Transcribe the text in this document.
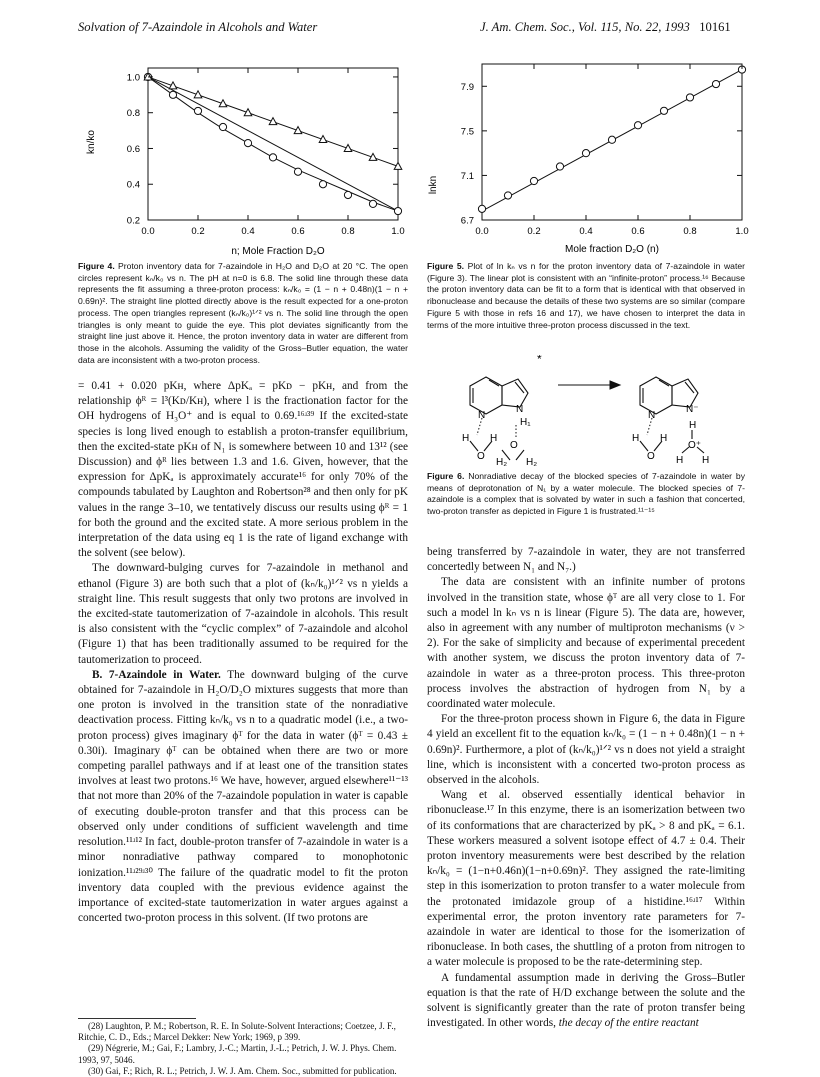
Solvation of 7-Azaindole in Alcohols and Water	J. Am. Chem. Soc., Vol. 115, No. 22, 1993 10161
0.0	0.2	0.4	0.6	0.8	1.0
0.2
0.4
0.6
0.8
1.0
kn/ko
n; Mole Fraction D₂O
Figure 4. Proton inventory data for 7-azaindole in H₂O and D₂O at 20 °C. The open circles represent kₙ/k₀ vs n. The pH at n=0 is 6.8. The solid line through these data represents the fit assuming a three-proton process: kₙ/k₀ = (1 − n + 0.48n)(1 − n + 0.69n)². The straight line plotted directly above is the result expected for a one-proton process. The open triangles represent (kₙ/k₀)¹ᐟ² vs n. The solid line through the open triangles is only meant to guide the eye. This plot deviates significantly from the straight line just above it. Hence, the proton inventory data in water are different from those in the alcohols. Assuming the validity of the Gross–Butler equation, the water data are inconsistent with a two-proton process.

= 0.41 + 0.020 pKʜ, where ΔpKₐ = pKᴅ − pKʜ, and from the relationship ϕᴿ = l³(Kᴅ/Kʜ), where l is the fractionation factor for the OH hydrogens of H₃O⁺ and is equal to 0.69.¹⁶ʴ³⁹ If the excited-state species is long lived enough to establish a proton-transfer equilibrium, then the excited-state pKʜ of N₁ is somewhere between 10 and 13¹² (see Discussion) and ϕᴿ lies between 1.3 and 1.6. Given, however, that the expression for ΔpKₐ is approximately accurate¹⁶ for only 70% of the compounds tabulated by Laughton and Robertson²⁸ and then only for pK values in the range 3–10, we tentatively discuss our results using ϕᴿ = 1 for both the ground and the excited state. A more serious problem in the interpretation of the data using eq 1 is the rate of ligand exchange with the solvent (see below).

The downward-bulging curves for 7-azaindole in methanol and ethanol (Figure 3) are both such that a plot of (kₙ/k₀)¹ᐟ² vs n yields a straight line. This result suggests that only two protons are involved in the excited-state tautomerization of 7-azaindole in alcohols. This result is also consistent with the “cyclic complex” of 7-azaindole and alcohol (Figure 1) that has been traditionally assumed to be required for the tautomerization to proceed.

B. 7-Azaindole in Water. The downward bulging of the curve obtained for 7-azaindole in H₂O/D₂O mixtures suggests that more than one proton is involved in the transition state of the nonradiative deactivation process. Fitting kₙ/k₀ vs n to a quadratic model (i.e., a two-proton process) gives imaginary ϕᵀ for the data in water (ϕᵀ = 0.43 ± 0.30i). Imaginary ϕᵀ can be obtained when there are two or more competing parallel pathways and if at least one of the transition states involves at least two protons.¹⁶ We have, however, argued elsewhere¹¹⁻¹³ that not more than 20% of the 7-azaindole population in water is capable of executing double-proton transfer and that this process can be observed only under conditions of sufficient wavelength and time resolution.¹¹ʴ¹² In fact, double-proton transfer of 7-azaindole in water is a minor nonradiative pathway compared to monophotonic ionization.¹¹ʴ²⁹ʴ³⁰ The failure of the quadratic model to fit the proton inventory data coupled with the previous evidence against the importance of excited-state tautomerization in water argues against a concerted two-proton process in this solvent. (If two protons are

(28) Laughton, P. M.; Robertson, R. E. In Solute-Solvent Interactions; Coetzee, J. F., Ritchie, C. D., Eds.; Marcel Dekker: New York; 1969, p 399.

(29) Négrerie, M.; Gai, F.; Lambry, J.-C.; Martin, J.-L.; Petrich, J. W. J. Phys. Chem. 1993, 97, 5046.

(30) Gai, F.; Rich, R. L.; Petrich, J. W. J. Am. Chem. Soc., submitted for publication.

0.0	0.2	0.4	0.6	0.8	1.0
6.7
7.1
7.5
7.9
lnkn
Mole fraction D₂O (n)
Figure 5. Plot of ln kₙ vs n for the proton inventory data of 7-azaindole in water (Figure 3). The linear plot is consistent with an “infinite-proton” process.¹⁶ Because the proton inventory data can be fit to a form that is identical with that observed in ribonuclease and because the details of these two systems are so similar (compare Figure 5 with those in refs 16 and 17), we have chosen to interpret the data in terms of the more intuitive three-proton process discussed in the text.
*
N
N
H₁
H H
O
O
H₂ H₂
N
N⁻
H H
O
H
O⁺
H H
Figure 6. Nonradiative decay of the blocked species of 7-azaindole in water by means of deprotonation of N₁ by a water molecule. The blocked species of 7-azaindole is a complex that is solvated by water in such a fashion that concerted, two-proton transfer as depicted in Figure 1 is frustrated.¹¹⁻¹⁵

being transferred by 7-azaindole in water, they are not transferred concertedly between N₁ and N₇.)

The data are consistent with an infinite number of protons involved in the transition state, whose ϕᵀ are all very close to 1. For such a model ln kₙ vs n is linear (Figure 5). The data are, however, also in agreement with any number of multiproton mechanisms (ν > 2). For the sake of simplicity and because of experimental precedent with another system, we discuss the proton inventory data of 7-azaindole in water as a three-proton process. This three-proton process involves the abstraction of hydrogen from N₁ by a coordinated water molecule.

For the three-proton process shown in Figure 6, the data in Figure 4 yield an excellent fit to the equation kₙ/k₀ = (1 − n + 0.48n)(1 − n + 0.69n)². Furthermore, a plot of (kₙ/k₀)¹ᐟ² vs n does not yield a straight line, which is inconsistent with a concerted two-proton process as observed in the alcohols.

Wang et al. observed essentially identical behavior in ribonuclease.¹⁷ In this enzyme, there is an isomerization between two of its conformations that are characterized by pKₐ > 8 and pKₐ = 6.1. These workers measured a solvent isotope effect of 4.7 ± 0.4. Their proton inventory measurements were best described by the relation kₙ/k₀ = (1−n+0.46n)(1−n+0.69n)². They assigned the rate-limiting step in this isomerization to proton transfer to a water molecule from the protonated imidazole group of a histidine.¹⁶ʴ¹⁷ Within experimental error, the proton inventory rate parameters for 7-azaindole in water are identical to those for the isomerization of ribonuclease. In both cases, the shuttling of a proton from nitrogen to a water molecule is proposed to be the rate-determining step.

A fundamental assumption made in deriving the Gross–Butler equation is that the rate of H/D exchange between the solute and the solvent is significantly greater than the rate of proton transfer being investigated. In other words, the decay of the entire reactant
